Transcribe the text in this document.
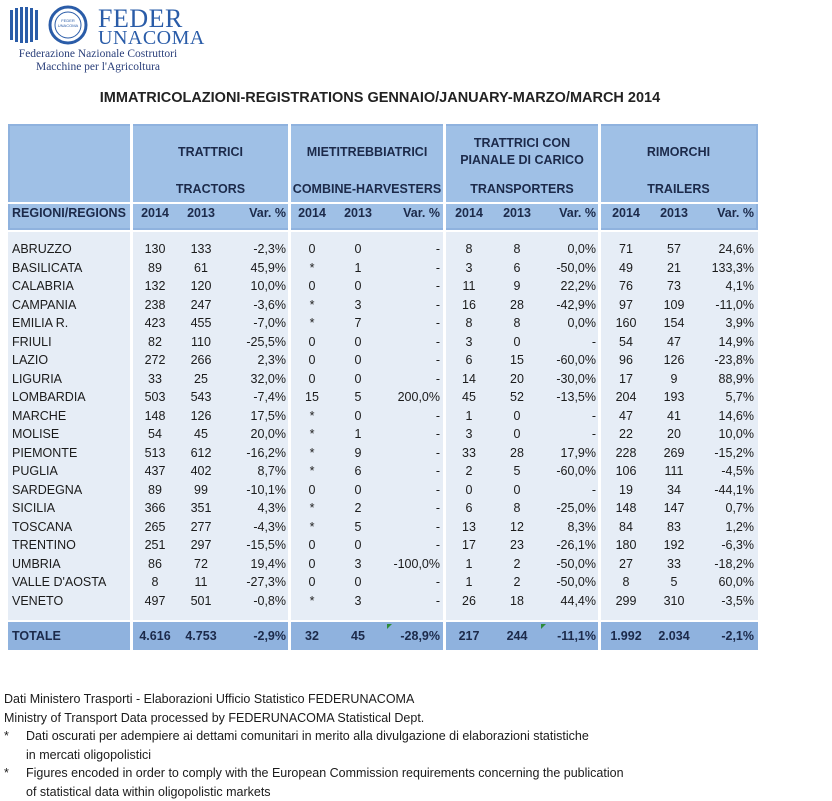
FEDER UNACOMA FEDER
UNACOMA
Federazione Nazionale Costruttori
Macchine per l'Agricoltura
IMMATRICOLAZIONI-REGISTRATIONS GENNAIO/JANUARY-MARZO/MARCH 2014
TRATTRICI
TRACTORS
MIETITREBBIATRICI
COMBINE-HARVESTERS
TRATTRICI CON
PIANALE DI CARICO
TRANSPORTERS
RIMORCHI
TRAILERS
REGIONI/REGIONS	2014	2013	Var. % 2014	2013	Var. %	2014	2013	Var. %	2014	2013	Var. %
ABRUZZO	130	133	-2,3%	0	0	-	8	8	0,0%	71	57	24,6%
BASILICATA	89	61	45,9%	*	1	-	3	6	-50,0%	49	21	133,3%
CALABRIA	132	120	10,0%	0	0	-	11	9	22,2%	76	73	4,1%
CAMPANIA	238	247	-3,6%	*	3	-	16	28	-42,9%	97	109	-11,0%
EMILIA R.	423	455	-7,0%	*	7	-	8	8	0,0%	160	154	3,9%
FRIULI	82	110	-25,5%	0	0	-	3	0	-	54	47	14,9%
LAZIO	272	266	2,3%	0	0	-	6	15	-60,0%	96	126	-23,8%
LIGURIA	33	25	32,0%	0	0	-	14	20	-30,0%	17	9	88,9%
LOMBARDIA	503	543	-7,4%	15	5	200,0%	45	52	-13,5%	204	193	5,7%
MARCHE	148	126	17,5%	*	0	-	1	0	-	47	41	14,6%
MOLISE	54	45	20,0%	*	1	-	3	0	-	22	20	10,0%
PIEMONTE	513	612	-16,2%	*	9	-	33	28	17,9%	228	269	-15,2%
PUGLIA	437	402	8,7%	*	6	-	2	5	-60,0%	106	111	-4,5%
SARDEGNA	89	99	-10,1%	0	0	-	0	0	-	19	34	-44,1%
SICILIA	366	351	4,3%	*	2	-	6	8	-25,0%	148	147	0,7%
TOSCANA	265	277	-4,3%	*	5	-	13	12	8,3%	84	83	1,2%
TRENTINO	251	297	-15,5%	0	0	-	17	23	-26,1%	180	192	-6,3%
UMBRIA	86	72	19,4%	0	3	-100,0%	1	2	-50,0%	27	33	-18,2%
VALLE D'AOSTA	8	11	-27,3%	0	0	-	1	2	-50,0%	8	5	60,0%
VENETO	497	501	-0,8%	*	3	-	26	18	44,4%	299	310	-3,5%
TOTALE	4.616	4.753	-2,9%	32	45	-28,9%	217	244	-11,1%	1.992	2.034	-2,1%
Dati Ministero Trasporti - Elaborazioni Ufficio Statistico FEDERUNACOMA
Ministry of Transport Data processed by FEDERUNACOMA Statistical Dept.
* Dati oscurati per adempiere ai dettami comunitari in merito alla divulgazione di elaborazioni statistiche
in mercati oligopolistici
* Figures encoded in order to comply with the European Commission requirements concerning the publication
of statistical data within oligopolistic markets
